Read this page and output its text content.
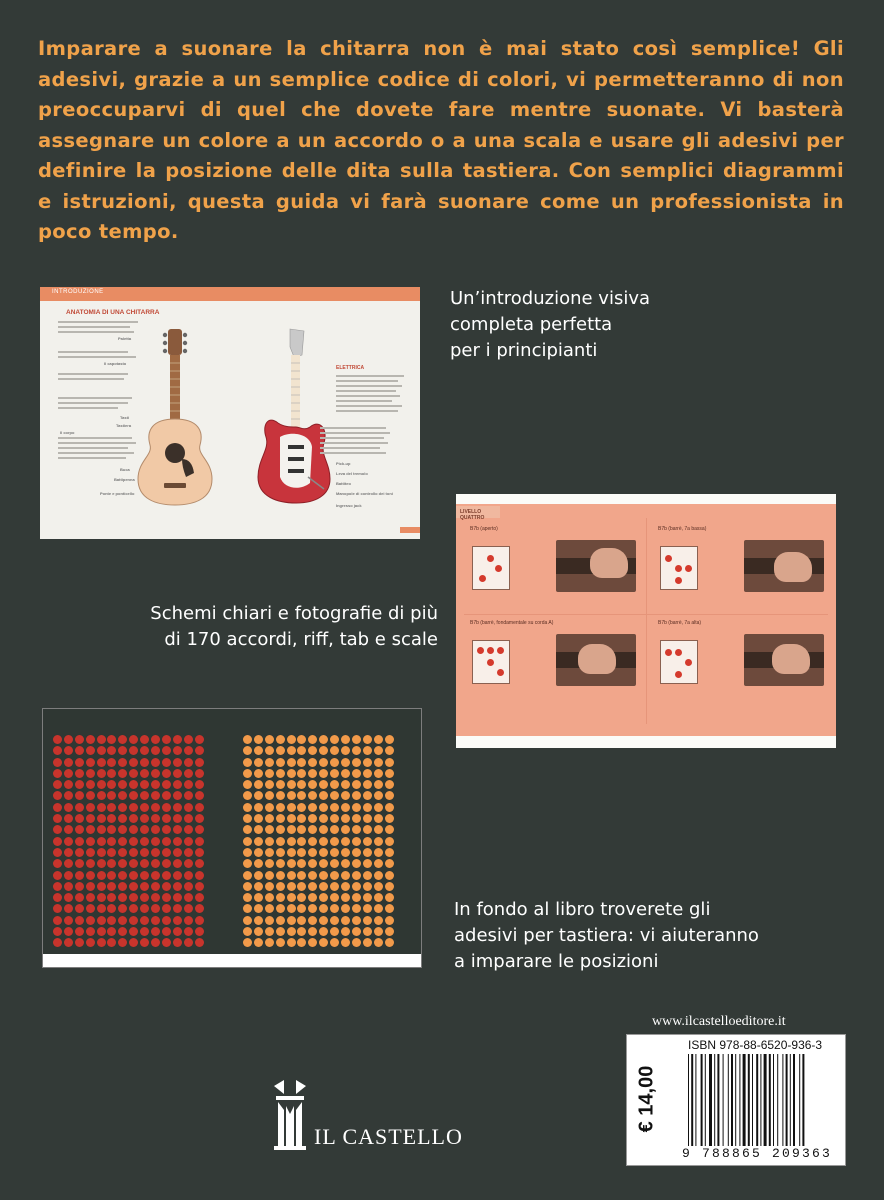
Imparare a suonare la chitarra non è mai stato così semplice! Gli adesivi, grazie a un semplice codice di colori, vi permetteranno di non preoccuparvi di quel che dovete fare mentre suonate. Vi basterà assegnare un colore a un accordo o a una scala e usare gli adesivi per definire la posizione delle dita sulla tastiera. Con semplici diagrammi e istruzioni, questa guida vi farà suonare come un professionista in poco tempo.
INTRODUZIONE
ANATOMIA DI UNA CHITARRA
Paletta
Il capotasto
Tasti
Tastiera
Il corpo
Buca
Battipenna
Ponte e ponticello
ELETTRICA
Pick-up
Leva del tremolo
Battiteo
Manopole di controllo dei toni
Ingresso jack
Un’introduzione visiva
completa perfetta
per i principianti
LIVELLO QUATTRO
B7b (aperto)	B7b (barrè, 7a bassa)
B7b (barrè, fondamentale su corda A)	B7b (barrè, 7a alta)
Schemi chiari e fotografie di più
di 170 accordi, riff, tab e scale
In fondo al libro troverete gli
adesivi per tastiera: vi aiuteranno
a imparare le posizioni
www.ilcastelloeditore.it
€ 14,00
ISBN 978-88-6520-936-3
9 788865 209363
IL CASTELLO
